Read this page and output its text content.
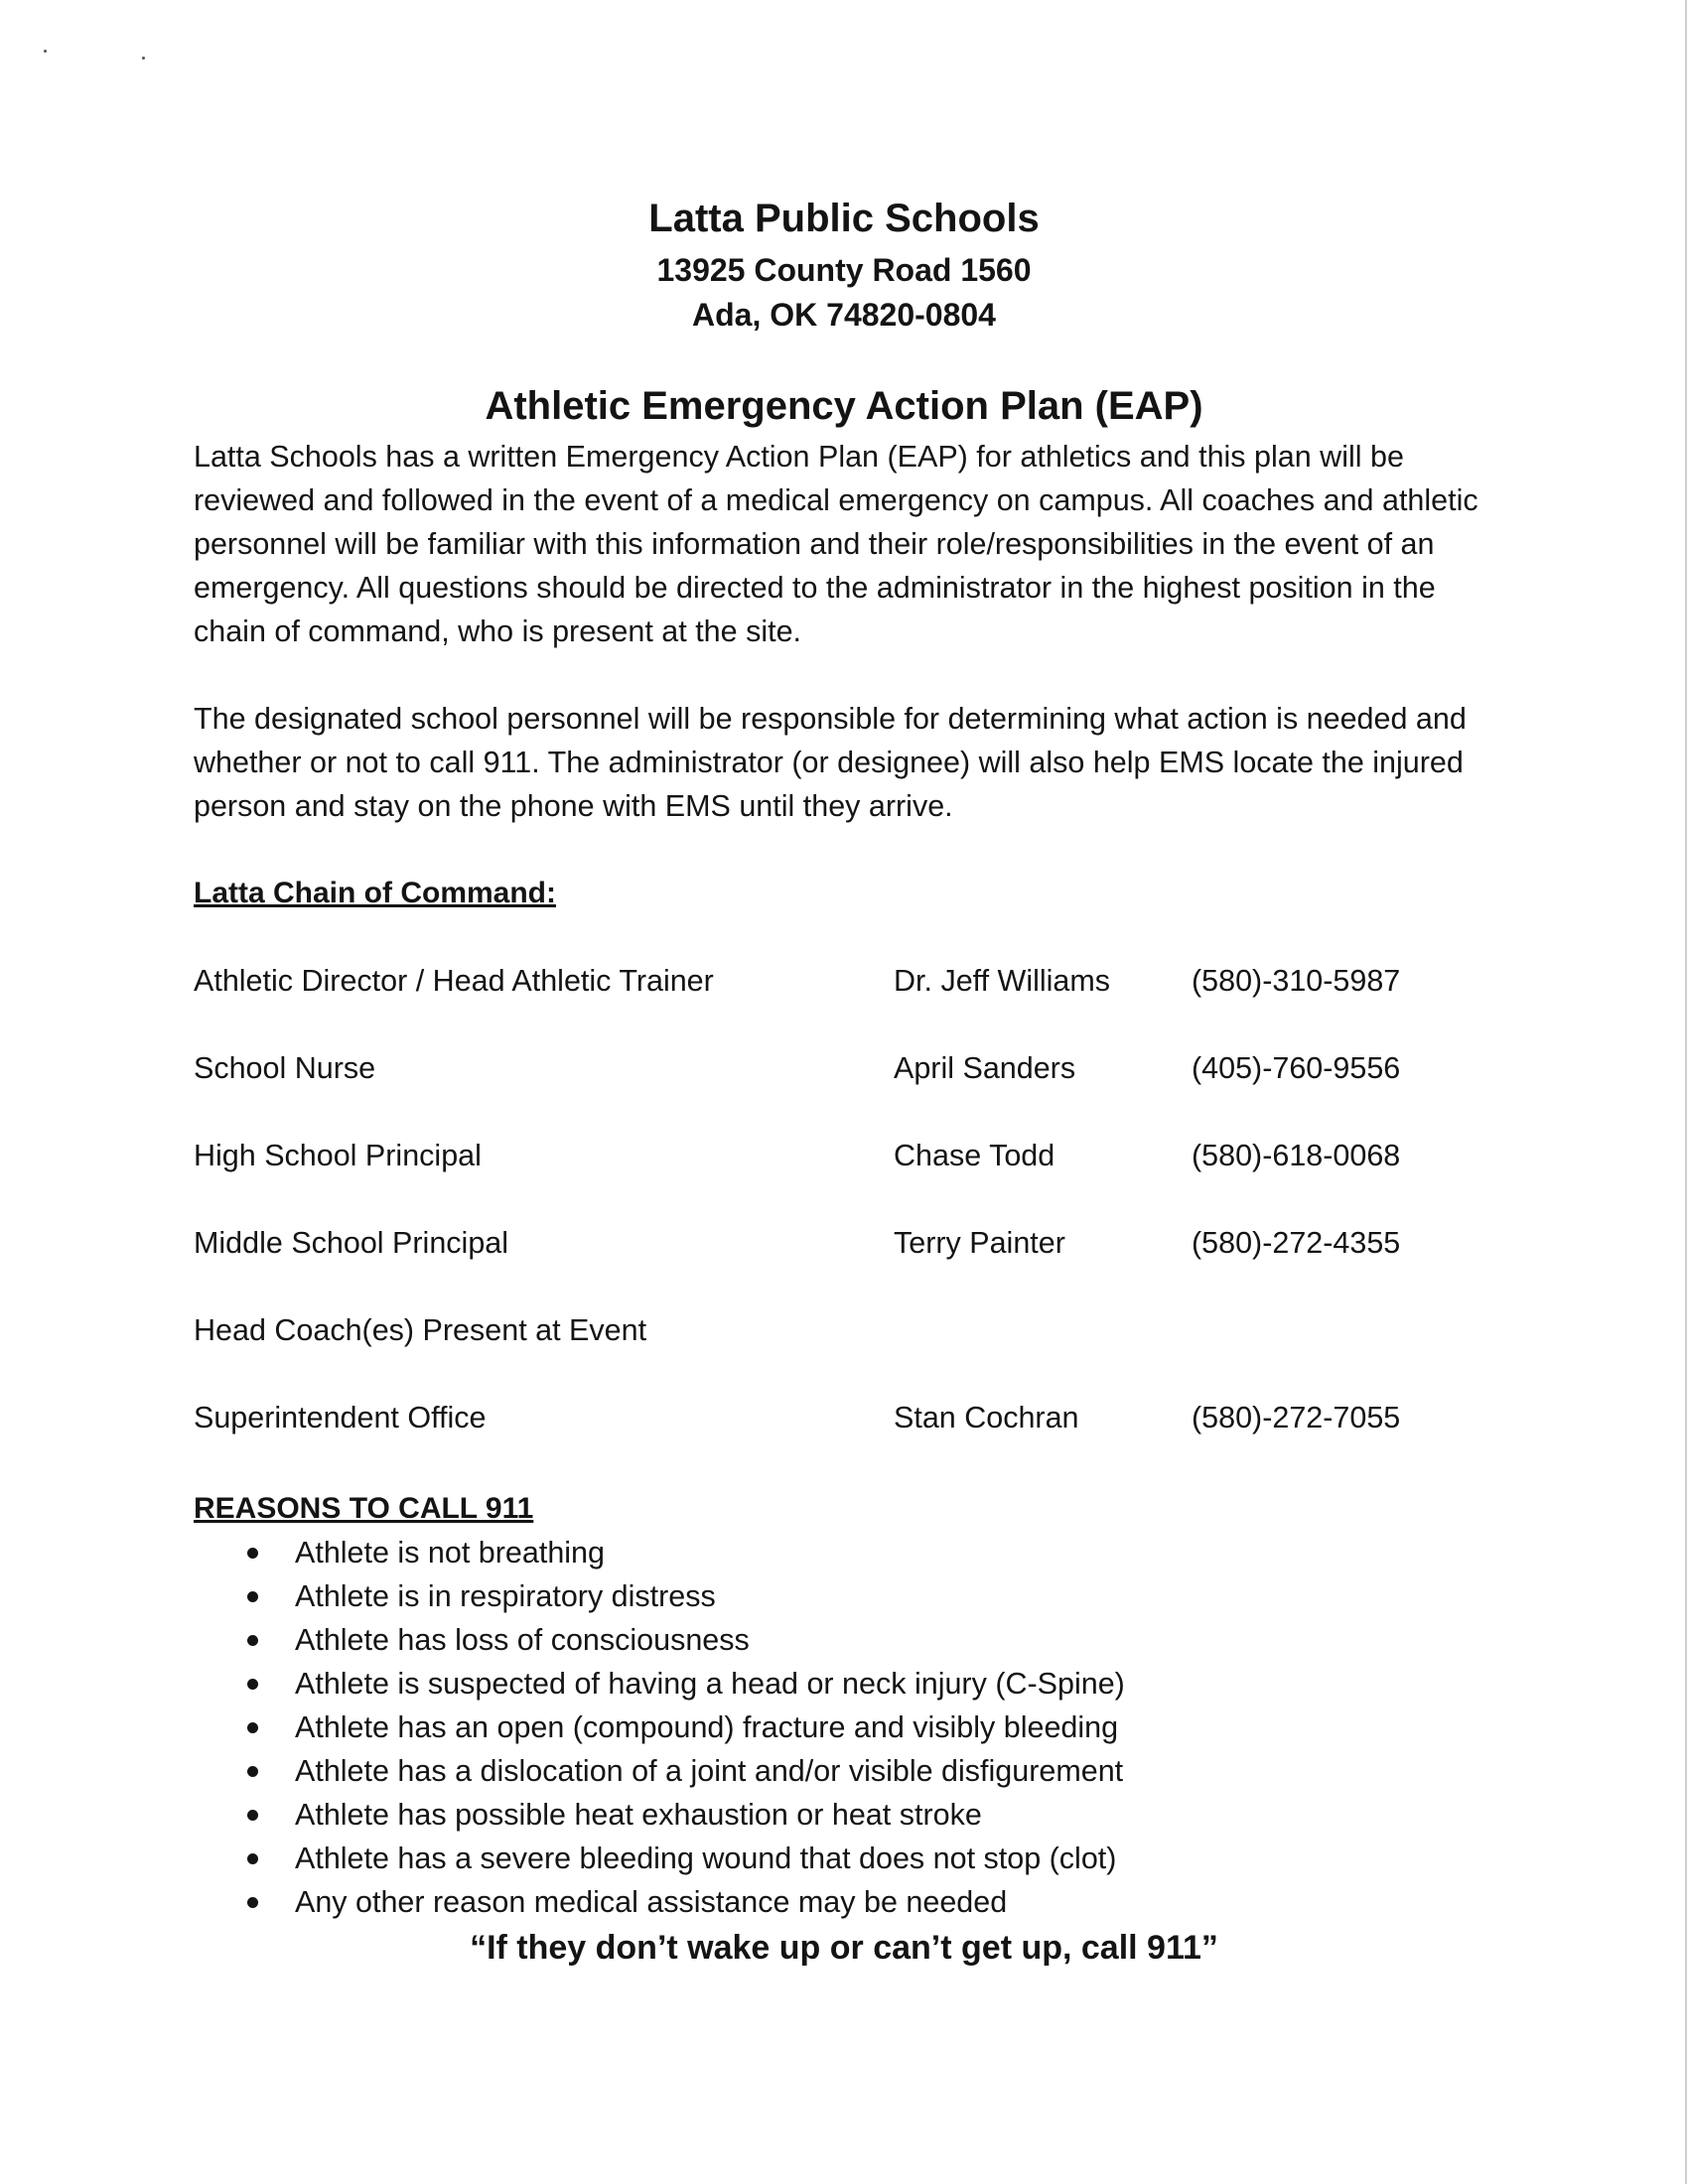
Latta Public Schools
13925 County Road 1560
Ada, OK 74820-0804
Athletic Emergency Action Plan (EAP)

Latta Schools has a written Emergency Action Plan (EAP) for athletics and this plan will be reviewed and followed in the event of a medical emergency on campus. All coaches and athletic personnel will be familiar with this information and their role/responsibilities in the event of an emergency. All questions should be directed to the administrator in the highest position in the chain of command, who is present at the site.

The designated school personnel will be responsible for determining what action is needed and whether or not to call 911. The administrator (or designee) will also help EMS locate the injured person and stay on the phone with EMS until they arrive.

Latta Chain of Command:
Athletic Director / Head Athletic Trainer	Dr. Jeff Williams	(580)-310-5987
School Nurse	April Sanders	(405)-760-9556
High School Principal	Chase Todd	(580)-618-0068
Middle School Principal	Terry Painter	(580)-272-4355
Head Coach(es) Present at Event
Superintendent Office	Stan Cochran	(580)-272-7055
REASONS TO CALL 911
Athlete is not breathing
Athlete is in respiratory distress
Athlete has loss of consciousness
Athlete is suspected of having a head or neck injury (C-Spine)
Athlete has an open (compound) fracture and visibly bleeding
Athlete has a dislocation of a joint and/or visible disfigurement
Athlete has possible heat exhaustion or heat stroke
Athlete has a severe bleeding wound that does not stop (clot)
Any other reason medical assistance may be needed
“If they don’t wake up or can’t get up, call 911”
